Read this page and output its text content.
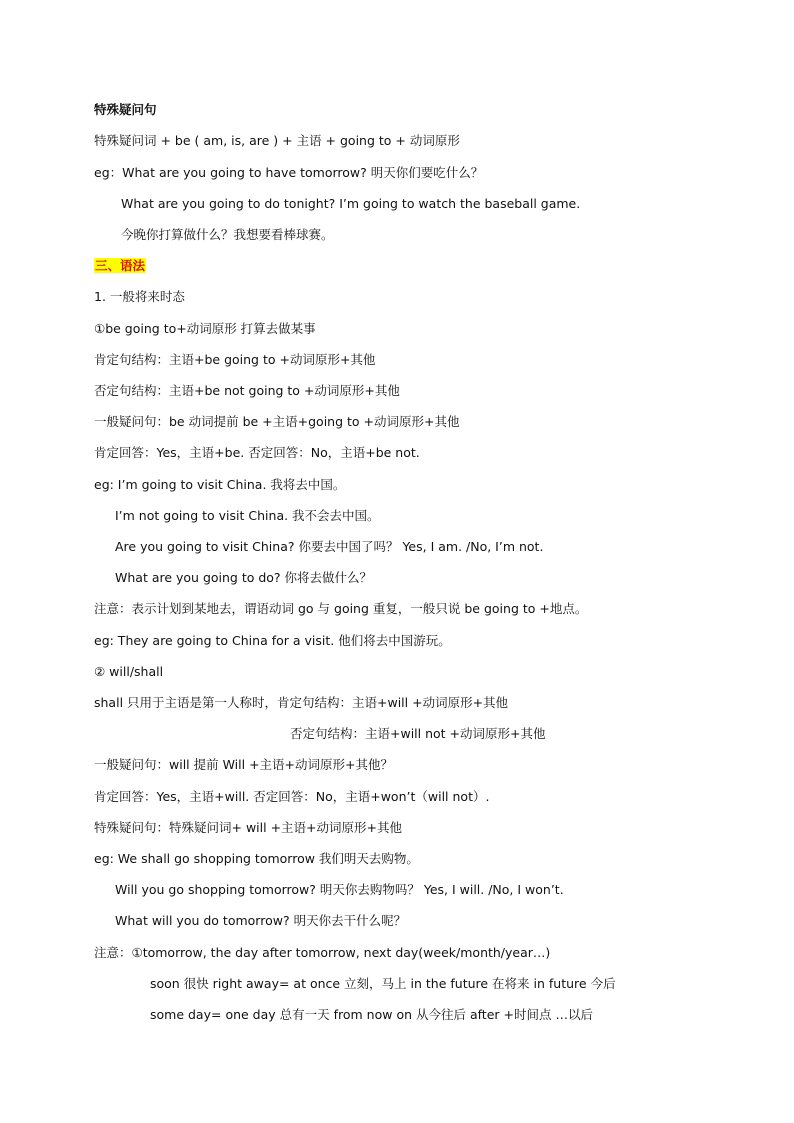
特殊疑问句
特殊疑问词 + be ( am, is, are ) + 主语 + going to + 动词原形
eg：What are you going to have tomorrow? 明天你们要吃什么？
What are you going to do tonight? I’m going to watch the baseball game.
今晚你打算做什么？我想要看棒球赛。
三、语法
1. 一般将来时态
①be going to+动词原形 打算去做某事
肯定句结构：主语+be going to +动词原形+其他
否定句结构：主语+be not going to +动词原形+其他
一般疑问句：be 动词提前 be +主语+going to +动词原形+其他
肯定回答：Yes，主语+be. 否定回答：No，主语+be not.
eg: I’m going to visit China. 我将去中国。
I’m not going to visit China. 我不会去中国。
Are you going to visit China? 你要去中国了吗？ Yes, I am. /No, I’m not.
What are you going to do? 你将去做什么？
注意：表示计划到某地去，谓语动词 go 与 going 重复，一般只说 be going to +地点。
eg: They are going to China for a visit. 他们将去中国游玩。
② will/shall
shall 只用于主语是第一人称时，肯定句结构：主语+will +动词原形+其他
否定句结构：主语+will not +动词原形+其他
一般疑问句：will 提前 Will +主语+动词原形+其他？
肯定回答：Yes，主语+will. 否定回答：No，主语+won’t（will not）.
特殊疑问句：特殊疑问词+ will +主语+动词原形+其他
eg: We shall go shopping tomorrow 我们明天去购物。
Will you go shopping tomorrow? 明天你去购物吗？ Yes, I will. /No, I won’t.
What will you do tomorrow? 明天你去干什么呢？
注意：①tomorrow, the day after tomorrow, next day(week/month/year…)
soon 很快 right away= at once 立刻，马上 in the future 在将来 in future 今后
some day= one day 总有一天 from now on 从今往后 after +时间点 …以后
